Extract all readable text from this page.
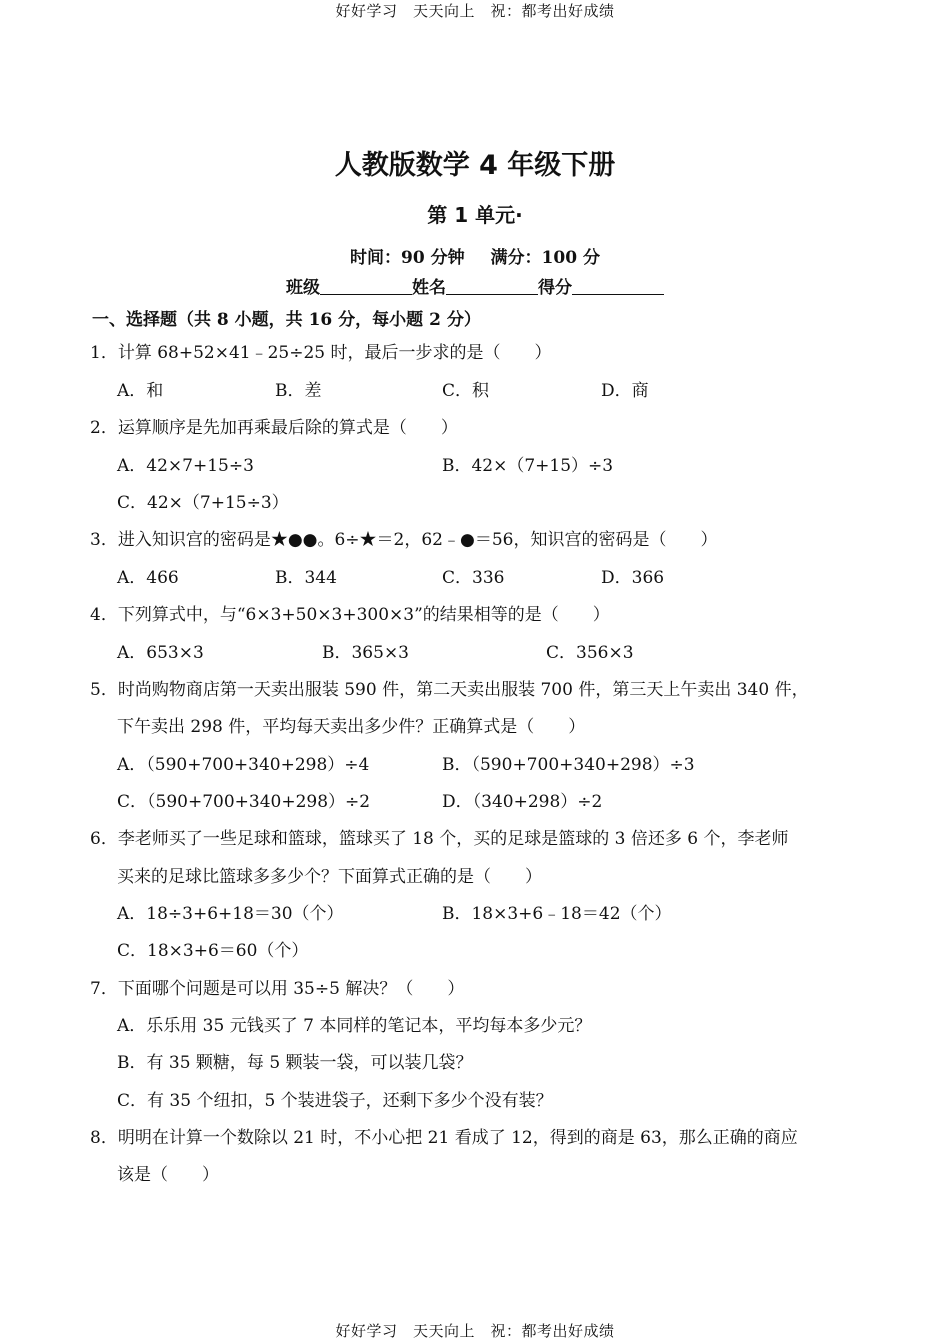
好好学习　天天向上　祝：都考出好成绩
人教版数学 4 年级下册
第 1 单元·
时间：90 分钟 满分：100 分
班级	姓名	得分
一、选择题（共 8 小题，共 16 分，每小题 2 分）
1．计算 68+52×41﹣25÷25 时，最后一步求的是（　　）
A．和	B．差	C．积	D．商
2．运算顺序是先加再乘最后除的算式是（　　）
A．42×7+15÷3	B．42×（7+15）÷3
C．42×（7+15÷3）
3．进入知识宫的密码是★●●。6÷★＝2，62﹣●＝56，知识宫的密码是（　　）
A．466	B．344	C．336	D．366
4．下列算式中，与“6×3+50×3+300×3”的结果相等的是（　　）
A．653×3	B．365×3	C．356×3
5．时尚购物商店第一天卖出服装 590 件，第二天卖出服装 700 件，第三天上午卖出 340 件，
下午卖出 298 件，平均每天卖出多少件？正确算式是（　　）
A．（590+700+340+298）÷4	B．（590+700+340+298）÷3
C．（590+700+340+298）÷2	D．（340+298）÷2
6．李老师买了一些足球和篮球，篮球买了 18 个，买的足球是篮球的 3 倍还多 6 个，李老师
买来的足球比篮球多多少个？下面算式正确的是（　　）
A．18÷3+6+18＝30（个）	B．18×3+6﹣18＝42（个）
C．18×3+6＝60（个）
7．下面哪个问题是可以用 35÷5 解决？（　　）
A．乐乐用 35 元钱买了 7 本同样的笔记本，平均每本多少元？
B．有 35 颗糖，每 5 颗装一袋，可以装几袋？
C．有 35 个纽扣，5 个装进袋子，还剩下多少个没有装？
8．明明在计算一个数除以 21 时，不小心把 21 看成了 12，得到的商是 63，那么正确的商应
该是（　　）
好好学习　天天向上　祝：都考出好成绩
